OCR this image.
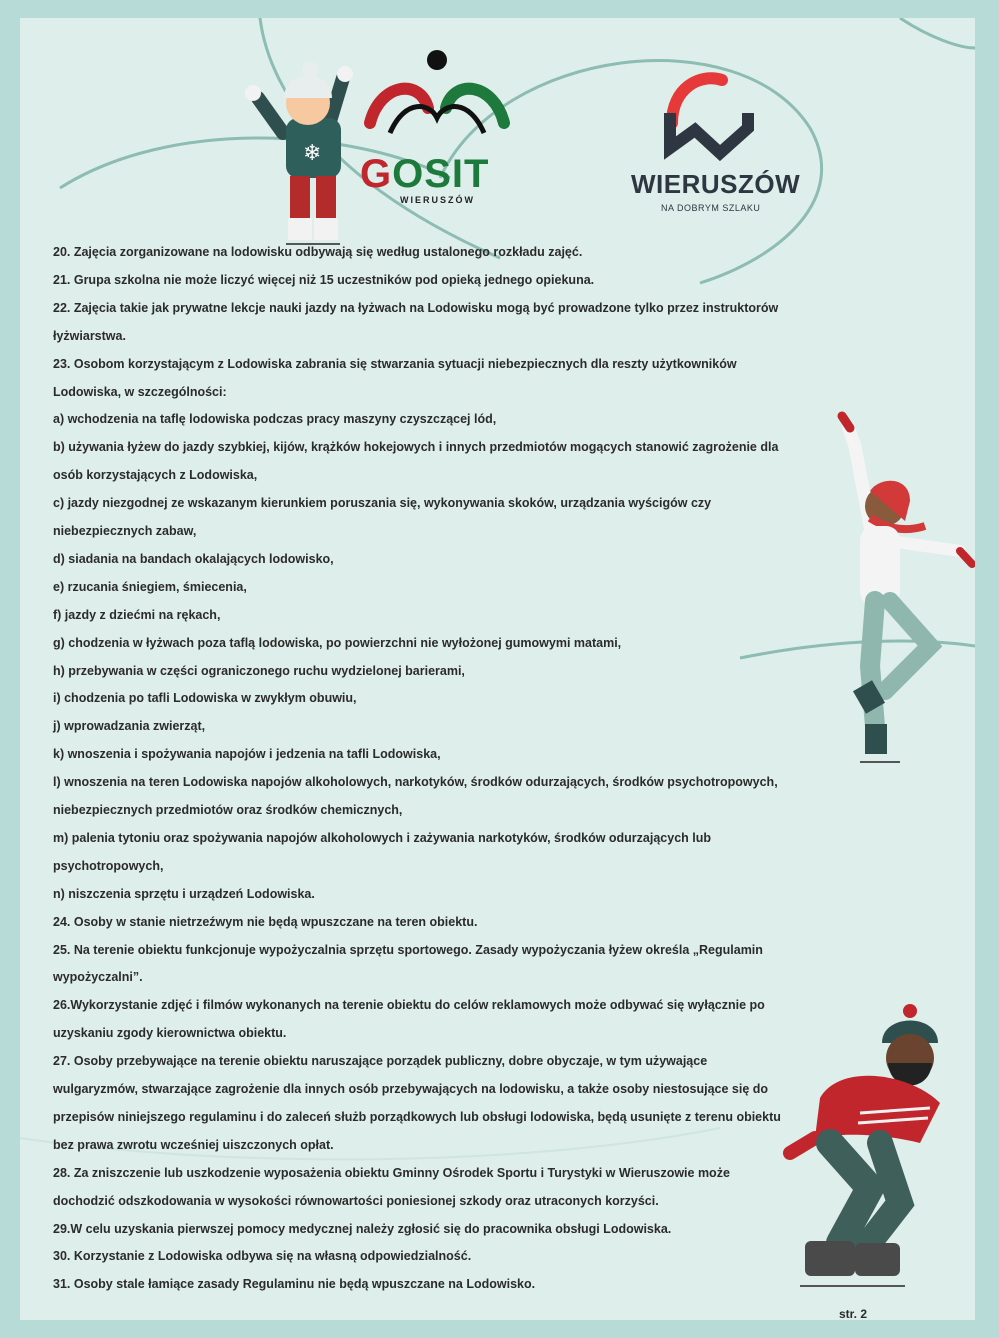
❄ GOSIT
WIERUSZÓW
WIERUSZÓW
NA DOBRYM SZLAKU
20. Zajęcia zorganizowane na lodowisku odbywają się według ustalonego rozkładu zajęć.
21. Grupa szkolna nie może liczyć więcej niż 15 uczestników pod opieką jednego opiekuna.
22. Zajęcia takie jak prywatne lekcje nauki jazdy na łyżwach na Lodowisku mogą być prowadzone tylko przez instruktorów
łyżwiarstwa.
23. Osobom korzystającym z Lodowiska zabrania się stwarzania sytuacji niebezpiecznych dla reszty użytkowników
Lodowiska, w szczególności:
a) wchodzenia na taflę lodowiska podczas pracy maszyny czyszczącej lód,
b) używania łyżew do jazdy szybkiej, kijów, krążków hokejowych i innych przedmiotów mogących stanowić zagrożenie dla
osób korzystających z Lodowiska,
c) jazdy niezgodnej ze wskazanym kierunkiem poruszania się, wykonywania skoków, urządzania wyścigów czy
niebezpiecznych zabaw,
d) siadania na bandach okalających lodowisko,
e) rzucania śniegiem, śmiecenia,
f) jazdy z dziećmi na rękach,
g) chodzenia w łyżwach poza taflą lodowiska, po powierzchni nie wyłożonej gumowymi matami,
h) przebywania w części ograniczonego ruchu wydzielonej barierami,
i) chodzenia po tafli Lodowiska w zwykłym obuwiu,
j) wprowadzania zwierząt,
k) wnoszenia i spożywania napojów i jedzenia na tafli Lodowiska,
l) wnoszenia na teren Lodowiska napojów alkoholowych, narkotyków, środków odurzających, środków psychotropowych,
niebezpiecznych przedmiotów oraz środków chemicznych,
m) palenia tytoniu oraz spożywania napojów alkoholowych i zażywania narkotyków, środków odurzających lub
psychotropowych,
n) niszczenia sprzętu i urządzeń Lodowiska.
24. Osoby w stanie nietrzeźwym nie będą wpuszczane na teren obiektu.
25. Na terenie obiektu funkcjonuje wypożyczalnia sprzętu sportowego. Zasady wypożyczania łyżew określa „Regulamin
wypożyczalni”.
26.Wykorzystanie zdjęć i filmów wykonanych na terenie obiektu do celów reklamowych może odbywać się wyłącznie po
uzyskaniu zgody kierownictwa obiektu.
27. Osoby przebywające na terenie obiektu naruszające porządek publiczny, dobre obyczaje, w tym używające
wulgaryzmów, stwarzające zagrożenie dla innych osób przebywających na lodowisku, a także osoby niestosujące się do
przepisów niniejszego regulaminu i do zaleceń służb porządkowych lub obsługi lodowiska, będą usunięte z terenu obiektu
bez prawa zwrotu wcześniej uiszczonych opłat.
28. Za zniszczenie lub uszkodzenie wyposażenia obiektu Gminny Ośrodek Sportu i Turystyki w Wieruszowie może
dochodzić odszkodowania w wysokości równowartości poniesionej szkody oraz utraconych korzyści.
29.W celu uzyskania pierwszej pomocy medycznej należy zgłosić się do pracownika obsługi Lodowiska.
30. Korzystanie z Lodowiska odbywa się na własną odpowiedzialność.
31. Osoby stale łamiące zasady Regulaminu nie będą wpuszczane na Lodowisko.
str. 2
